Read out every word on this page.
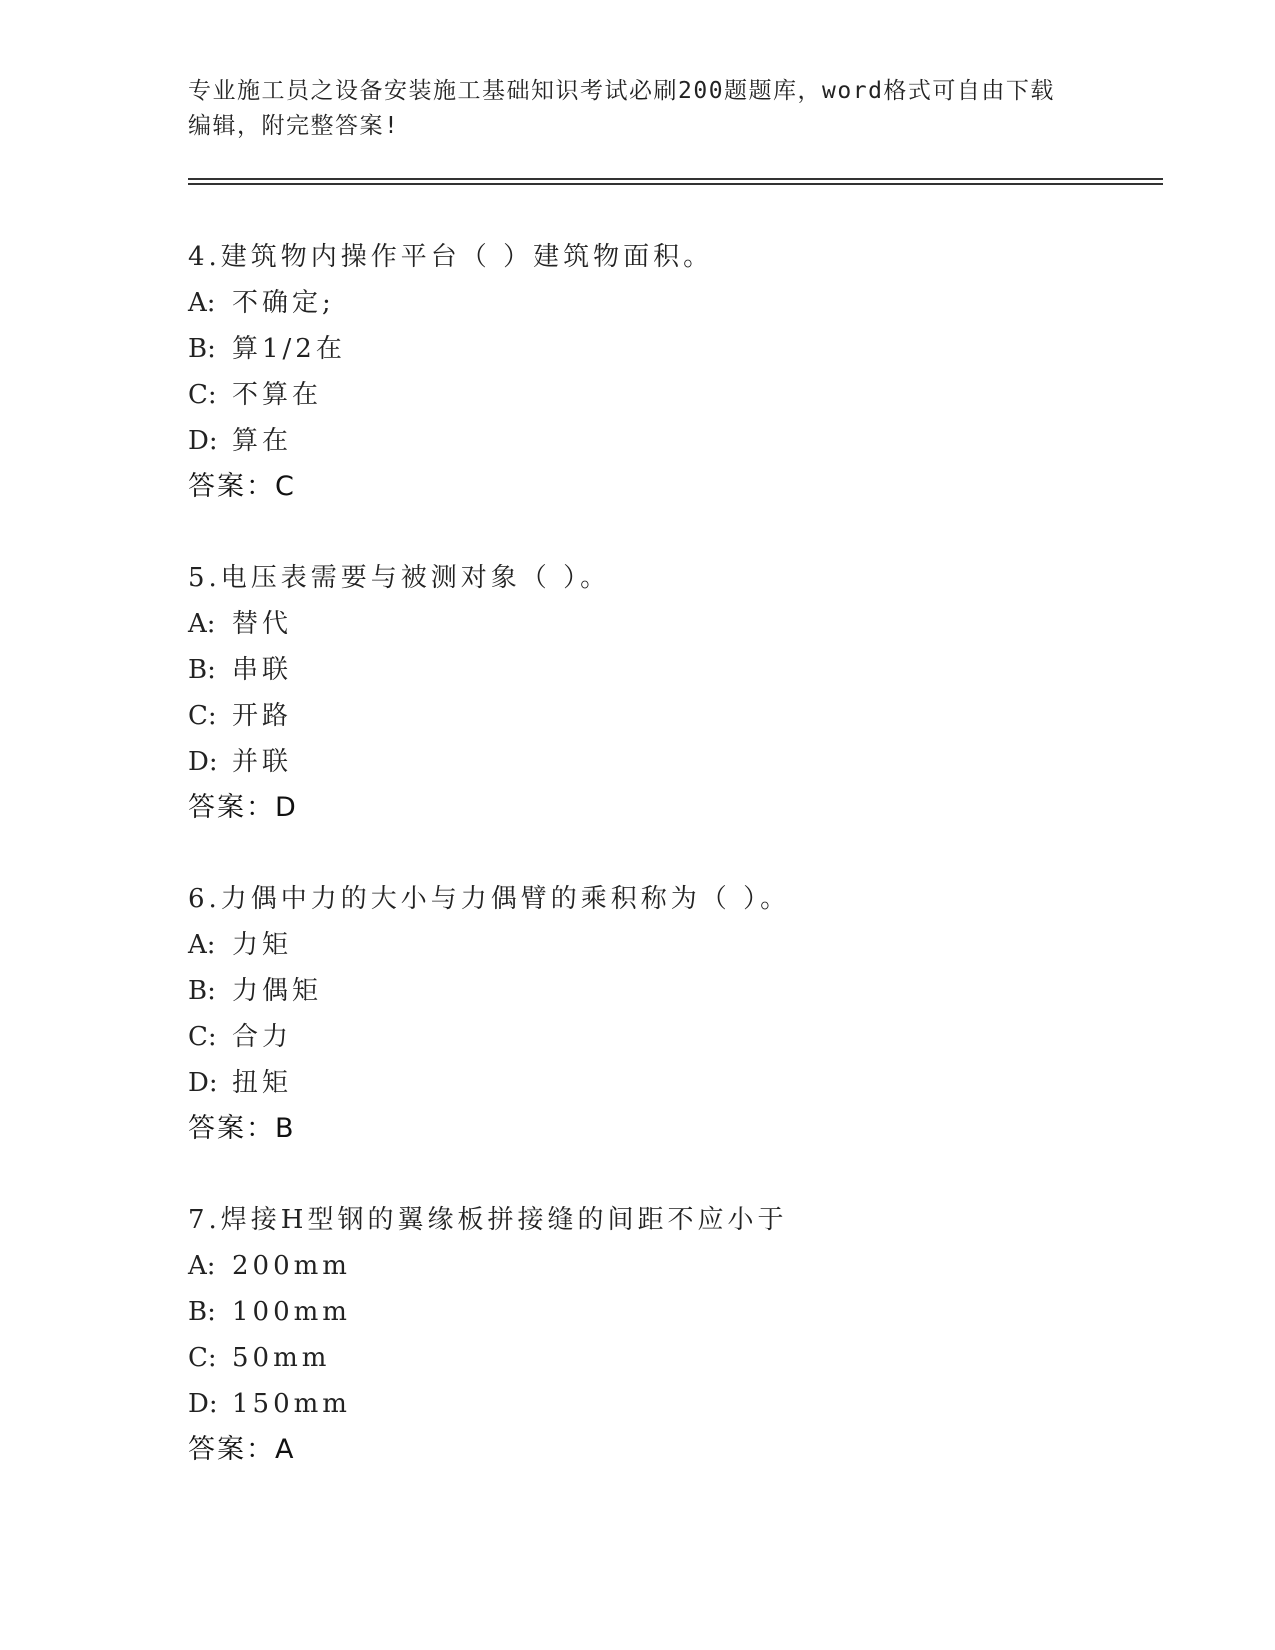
专业施工员之设备安装施工基础知识考试必刷200题题库，word格式可自由下载
编辑，附完整答案!
4.建筑物内操作平台（ ）建筑物面积。
A: 不确定;
B: 算1/2在
C: 不算在
D: 算在
答案：C
5.电压表需要与被测对象（ ）。
A: 替代
B: 串联
C: 开路
D: 并联
答案：D
6.力偶中力的大小与力偶臂的乘积称为（ ）。
A: 力矩
B: 力偶矩
C: 合力
D: 扭矩
答案：B
7.焊接H型钢的翼缘板拼接缝的间距不应小于
A: 200mm
B: 100mm
C: 50mm
D: 150mm
答案：A
